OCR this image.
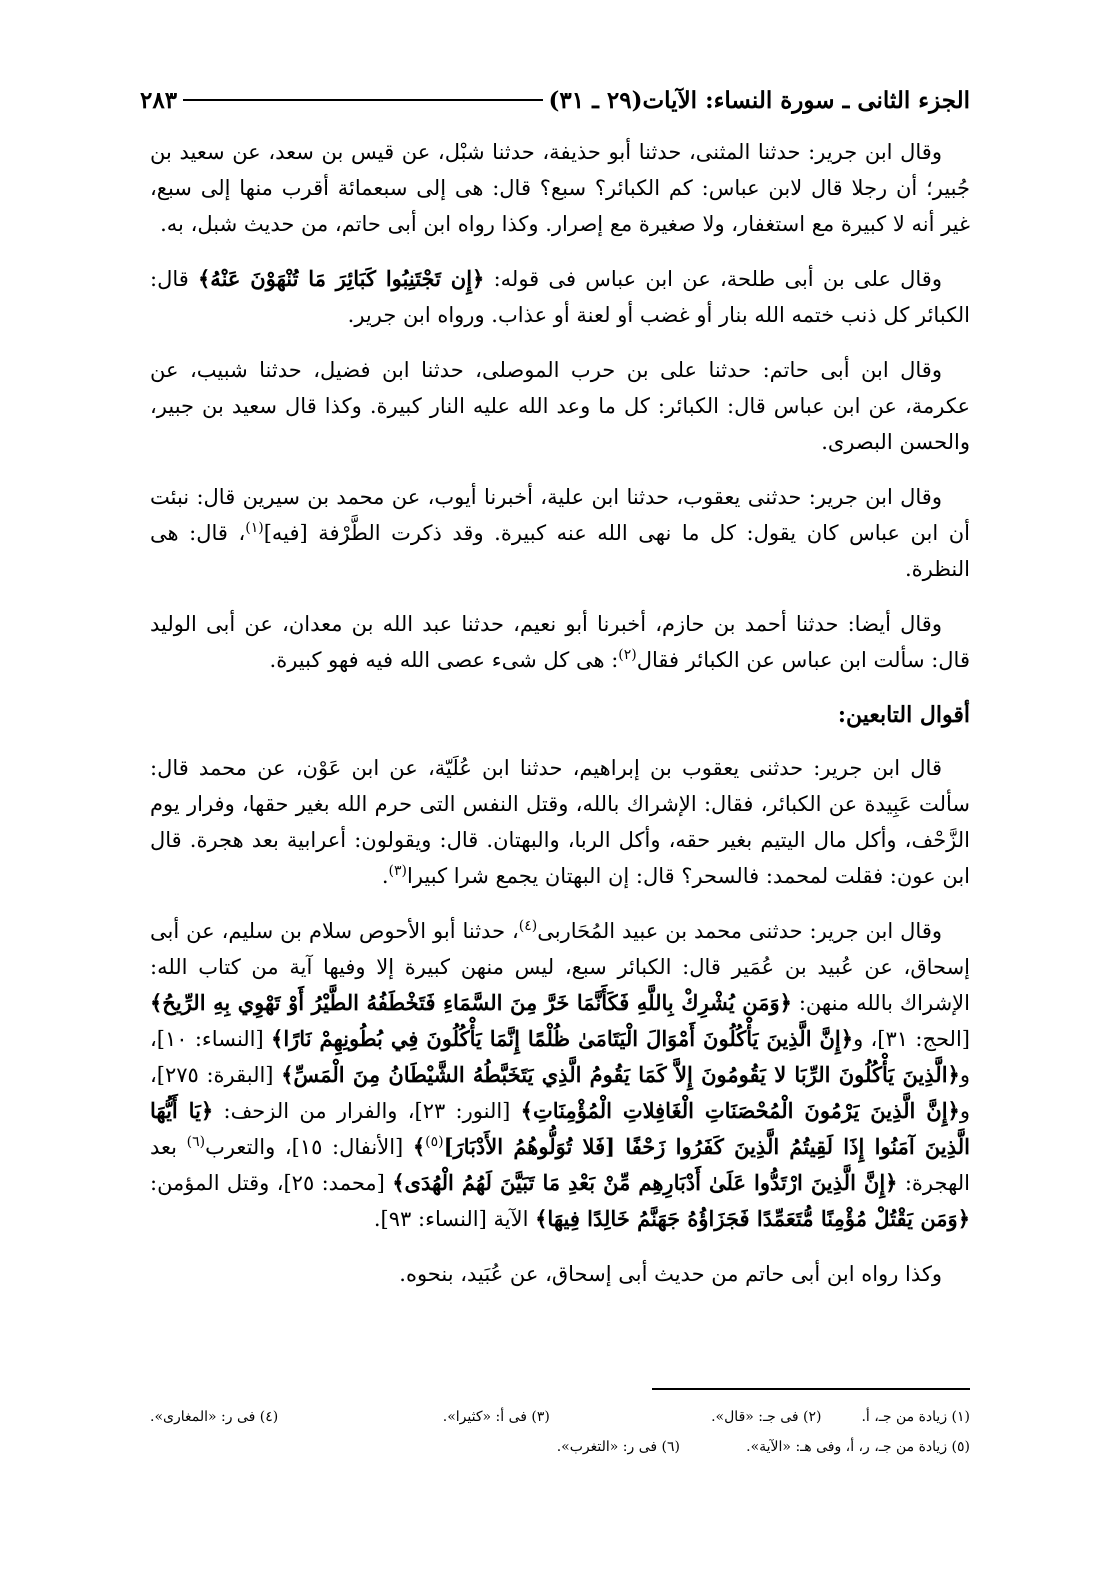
الجزء الثانى ـ سورة النساء: الآيات(٢٩ ـ ٣١)
٢٨٣

وقال ابن جرير: حدثنا المثنى، حدثنا أبو حذيفة، حدثنا شبْل، عن قيس بن سعد، عن سعيد بن جُبير؛ أن رجلا قال لابن عباس: كم الكبائر؟ سبع؟ قال: هى إلى سبعمائة أقرب منها إلى سبع، غير أنه لا كبيرة مع استغفار، ولا صغيرة مع إصرار. وكذا رواه ابن أبى حاتم، من حديث شبل، به.

وقال على بن أبى طلحة، عن ابن عباس فى قوله: ﴿إِن تَجْتَنِبُوا كَبَائِرَ مَا تُنْهَوْنَ عَنْهُ﴾ قال: الكبائر كل ذنب ختمه الله بنار أو غضب أو لعنة أو عذاب. ورواه ابن جرير.

وقال ابن أبى حاتم: حدثنا على بن حرب الموصلى، حدثنا ابن فضيل، حدثنا شبيب، عن عكرمة، عن ابن عباس قال: الكبائر: كل ما وعد الله عليه النار كبيرة. وكذا قال سعيد بن جبير، والحسن البصرى.

وقال ابن جرير: حدثنى يعقوب، حدثنا ابن علية، أخبرنا أيوب، عن محمد بن سيرين قال: نبئت أن ابن عباس كان يقول: كل ما نهى الله عنه كبيرة. وقد ذكرت الطَّرْفة [فيه]$^{(١)}$، قال: هى النظرة.

وقال أيضا: حدثنا أحمد بن حازم، أخبرنا أبو نعيم، حدثنا عبد الله بن معدان، عن أبى الوليد قال: سألت ابن عباس عن الكبائر فقال$^{(٢)}$: هى كل شىء عصى الله فيه فهو كبيرة.

أقوال التابعين:

قال ابن جرير: حدثنى يعقوب بن إبراهيم، حدثنا ابن عُلَيّة، عن ابن عَوْن، عن محمد قال: سألت عَبِيدة عن الكبائر، فقال: الإشراك بالله، وقتل النفس التى حرم الله بغير حقها، وفرار يوم الزَّحْف، وأكل مال اليتيم بغير حقه، وأكل الربا، والبهتان. قال: ويقولون: أعرابية بعد هجرة. قال ابن عون: فقلت لمحمد: فالسحر؟ قال: إن البهتان يجمع شرا كبيرا$^{(٣)}$.

وقال ابن جرير: حدثنى محمد بن عبيد المُحَاربى$^{(٤)}$، حدثنا أبو الأحوص سلام بن سليم، عن أبى إسحاق، عن عُبيد بن عُمَير قال: الكبائر سبع، ليس منهن كبيرة إلا وفيها آية من كتاب الله: الإشراك بالله منهن: ﴿وَمَن يُشْرِكْ بِاللَّهِ فَكَأَنَّمَا خَرَّ مِنَ السَّمَاءِ فَتَخْطَفُهُ الطَّيْرُ أَوْ تَهْوِي بِهِ الرِّيحُ﴾ [الحج: ٣١]، و﴿إِنَّ الَّذِينَ يَأْكُلُونَ أَمْوَالَ الْيَتَامَىٰ ظُلْمًا إِنَّمَا يَأْكُلُونَ فِي بُطُونِهِمْ نَارًا﴾ [النساء: ١٠]، و﴿الَّذِينَ يَأْكُلُونَ الرِّبَا لا يَقُومُونَ إِلاَّ كَمَا يَقُومُ الَّذِي يَتَخَبَّطُهُ الشَّيْطَانُ مِنَ الْمَسِّ﴾ [البقرة: ٢٧٥]، و﴿إِنَّ الَّذِينَ يَرْمُونَ الْمُحْصَنَاتِ الْغَافِلاتِ الْمُؤْمِنَاتِ﴾ [النور: ٢٣]، والفرار من الزحف: ﴿يَا أَيُّهَا الَّذِينَ آمَنُوا إِذَا لَقِيتُمُ الَّذِينَ كَفَرُوا زَحْفًا [فَلا تُوَلُّوهُمُ الأَدْبَارَ]$^{(٥)}$﴾ [الأنفال: ١٥]، والتعرب$^{(٦)}$ بعد الهجرة: ﴿إِنَّ الَّذِينَ ارْتَدُّوا عَلَىٰ أَدْبَارِهِم مِّنْ بَعْدِ مَا تَبَيَّنَ لَهُمُ الْهُدَى﴾ [محمد: ٢٥]، وقتل المؤمن: ﴿وَمَن يَقْتُلْ مُؤْمِنًا مُّتَعَمِّدًا فَجَزَاؤُهُ جَهَنَّمُ خَالِدًا فِيهَا﴾ الآية [النساء: ٩٣].

وكذا رواه ابن أبى حاتم من حديث أبى إسحاق، عن عُبَيد، بنحوه.

(١) زيادة من جـ، أ.
(٢) فى جـ: «قال».
(٣) فى أ: «كثيرا».
(٤) فى ر: «المغارى».
(٥) زيادة من جـ، ر، أ، وفى هـ: «الآية».
(٦) فى ر: «التغرب».
